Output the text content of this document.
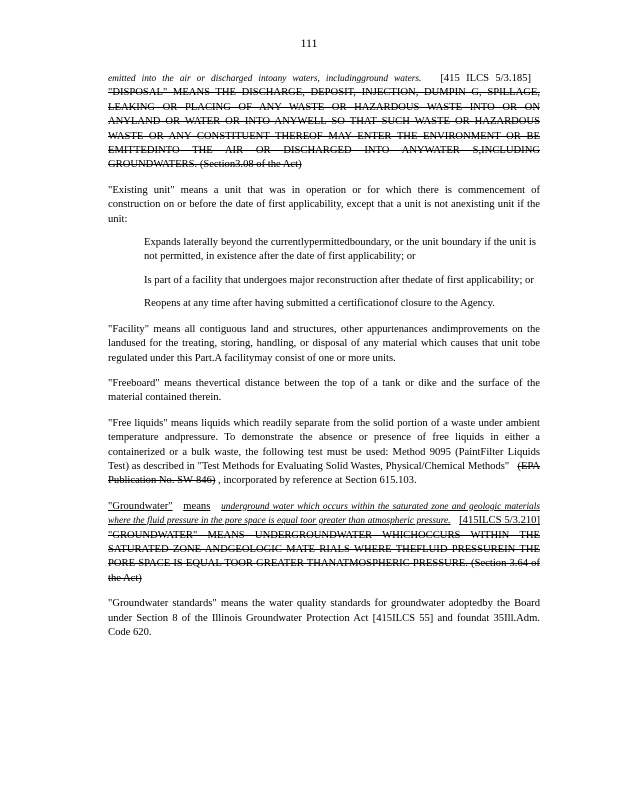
111

emitted into the air or discharged intoany waters, includingground waters. [415 ILCS 5/3.185]   "DISPOSAL" MEANS THE DISCHARGE, DEPOSIT, INJECTION, DUMPIN G, SPILLAGE, LEAKING OR PLACING OF ANY WASTE OR HAZARDOUS WASTE INTO OR ON ANYLAND OR WATER OR INTO ANYWELL SO THAT SUCH WASTE OR HAZARDOUS WASTE OR ANY CONSTITUENT THEREOF MAY ENTER THE ENVIRONMENT OR BE EMITTEDINTO THE AIR OR DISCHARGED INTO ANYWATER S,INCLUDING GROUNDWATERS. (Section3.08 of the Act)

"Existing unit" means a unit that was in operation or for which there is commencement of construction on or before the date of first applicability, except that a unit is not anexisting unit if the unit:

Expands laterally beyond the currentlypermittedboundary, or the unit boundary if the unit is not permitted, in existence after the date of first applicability; or

Is part of a facility that undergoes major reconstruction after thedate of first applicability; or

Reopens at any time after having submitted a certificationof closure to the Agency.

"Facility" means all contiguous land and structures, other appurtenances andimprovements on the landused for the treating, storing, handling, or disposal of any material which causes that unit tobe regulated under this Part.A facilitymay consist of one or more units.

"Freeboard" means thevertical distance between the top of a tank or dike and the surface of the material contained therein.

"Free liquids" means liquids which readily separate from the solid portion of a waste under ambient temperature andpressure. To demonstrate the absence or presence of free liquids in either a containerized or a bulk waste, the following test must be used: Method 9095 (PaintFilter Liquids Test) as described in "Test Methods for Evaluating Solid Wastes, Physical/Chemical Methods" (EPA Publication No. SW-846) , incorporated by reference at Section 615.103.

"Groundwater" means underground water which occurs within the saturated zone and geologic materials where the fluid pressure in the pore space is equal toor greater than atmospheric pressure. [415ILCS 5/3.210]   "GROUNDWATER" MEANS UNDERGROUNDWATER WHICHOCCURS WITHIN THE SATURATED ZONE ANDGEOLOGIC MATE RIALS WHERE THEFLUID PRESSUREIN THE PORE SPACE IS EQUAL TOOR GREATER THANATMOSPHERIC PRESSURE. (Section 3.64 of the Act)

"Groundwater standards" means the water quality standards for groundwater adoptedby the Board under Section 8 of the Illinois Groundwater Protection Act [415ILCS 55] and foundat 35Ill.Adm. Code 620.
